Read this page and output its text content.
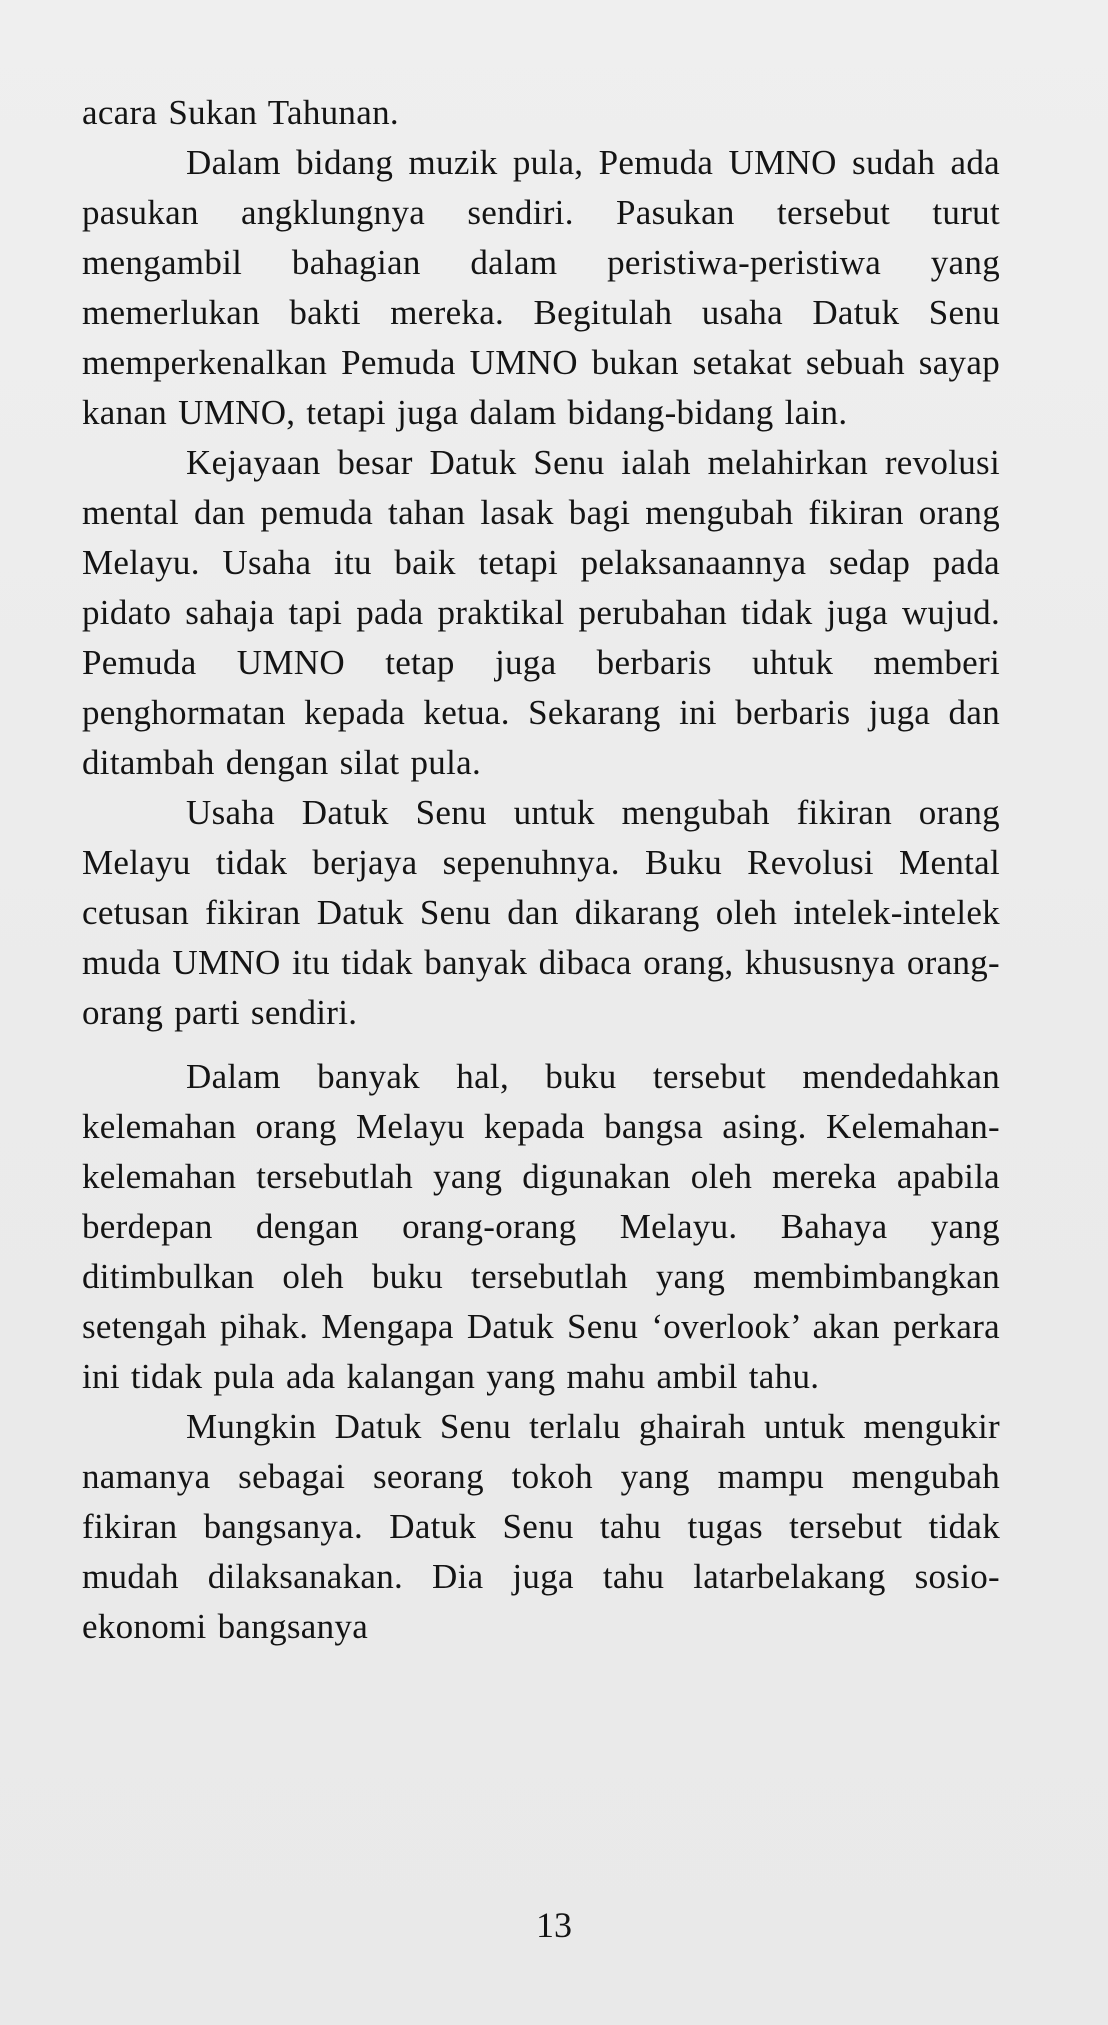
acara Sukan Tahunan.

Dalam bidang muzik pula, Pemuda UMNO sudah ada pasukan angklungnya sendiri. Pasukan tersebut turut mengambil bahagian dalam peristiwa-peristiwa yang memerlukan bakti mereka. Begitulah usaha Datuk Senu memperkenalkan Pemuda UMNO bukan setakat sebuah sayap kanan UMNO, tetapi juga dalam bidang-bidang lain.

Kejayaan besar Datuk Senu ialah melahirkan revolusi mental dan pemuda tahan lasak bagi mengubah fikiran orang Melayu. Usaha itu baik tetapi pelaksanaannya sedap pada pidato sahaja tapi pada praktikal perubahan tidak juga wujud. Pemuda UMNO tetap juga berbaris uhtuk memberi penghormatan kepada ketua. Sekarang ini berbaris juga dan ditambah dengan silat pula.

Usaha Datuk Senu untuk mengubah fikiran orang Melayu tidak berjaya sepenuhnya. Buku Revolusi Mental cetusan fikiran Datuk Senu dan dikarang oleh intelek-intelek muda UMNO itu tidak banyak dibaca orang, khususnya orang-orang parti sendiri.

Dalam banyak hal, buku tersebut mendedahkan kelemahan orang Melayu kepada bangsa asing. Kelemahan-kelemahan tersebutlah yang digunakan oleh mereka apabila berdepan dengan orang-orang Melayu. Bahaya yang ditimbulkan oleh buku tersebutlah yang membimbangkan setengah pihak. Mengapa Datuk Senu ‘overlook’ akan perkara ini tidak pula ada kalangan yang mahu ambil tahu.

Mungkin Datuk Senu terlalu ghairah untuk mengukir namanya sebagai seorang tokoh yang mampu mengubah fikiran bangsanya. Datuk Senu tahu tugas tersebut tidak mudah dilaksanakan. Dia juga tahu latarbelakang sosio-ekonomi bangsanya

13
